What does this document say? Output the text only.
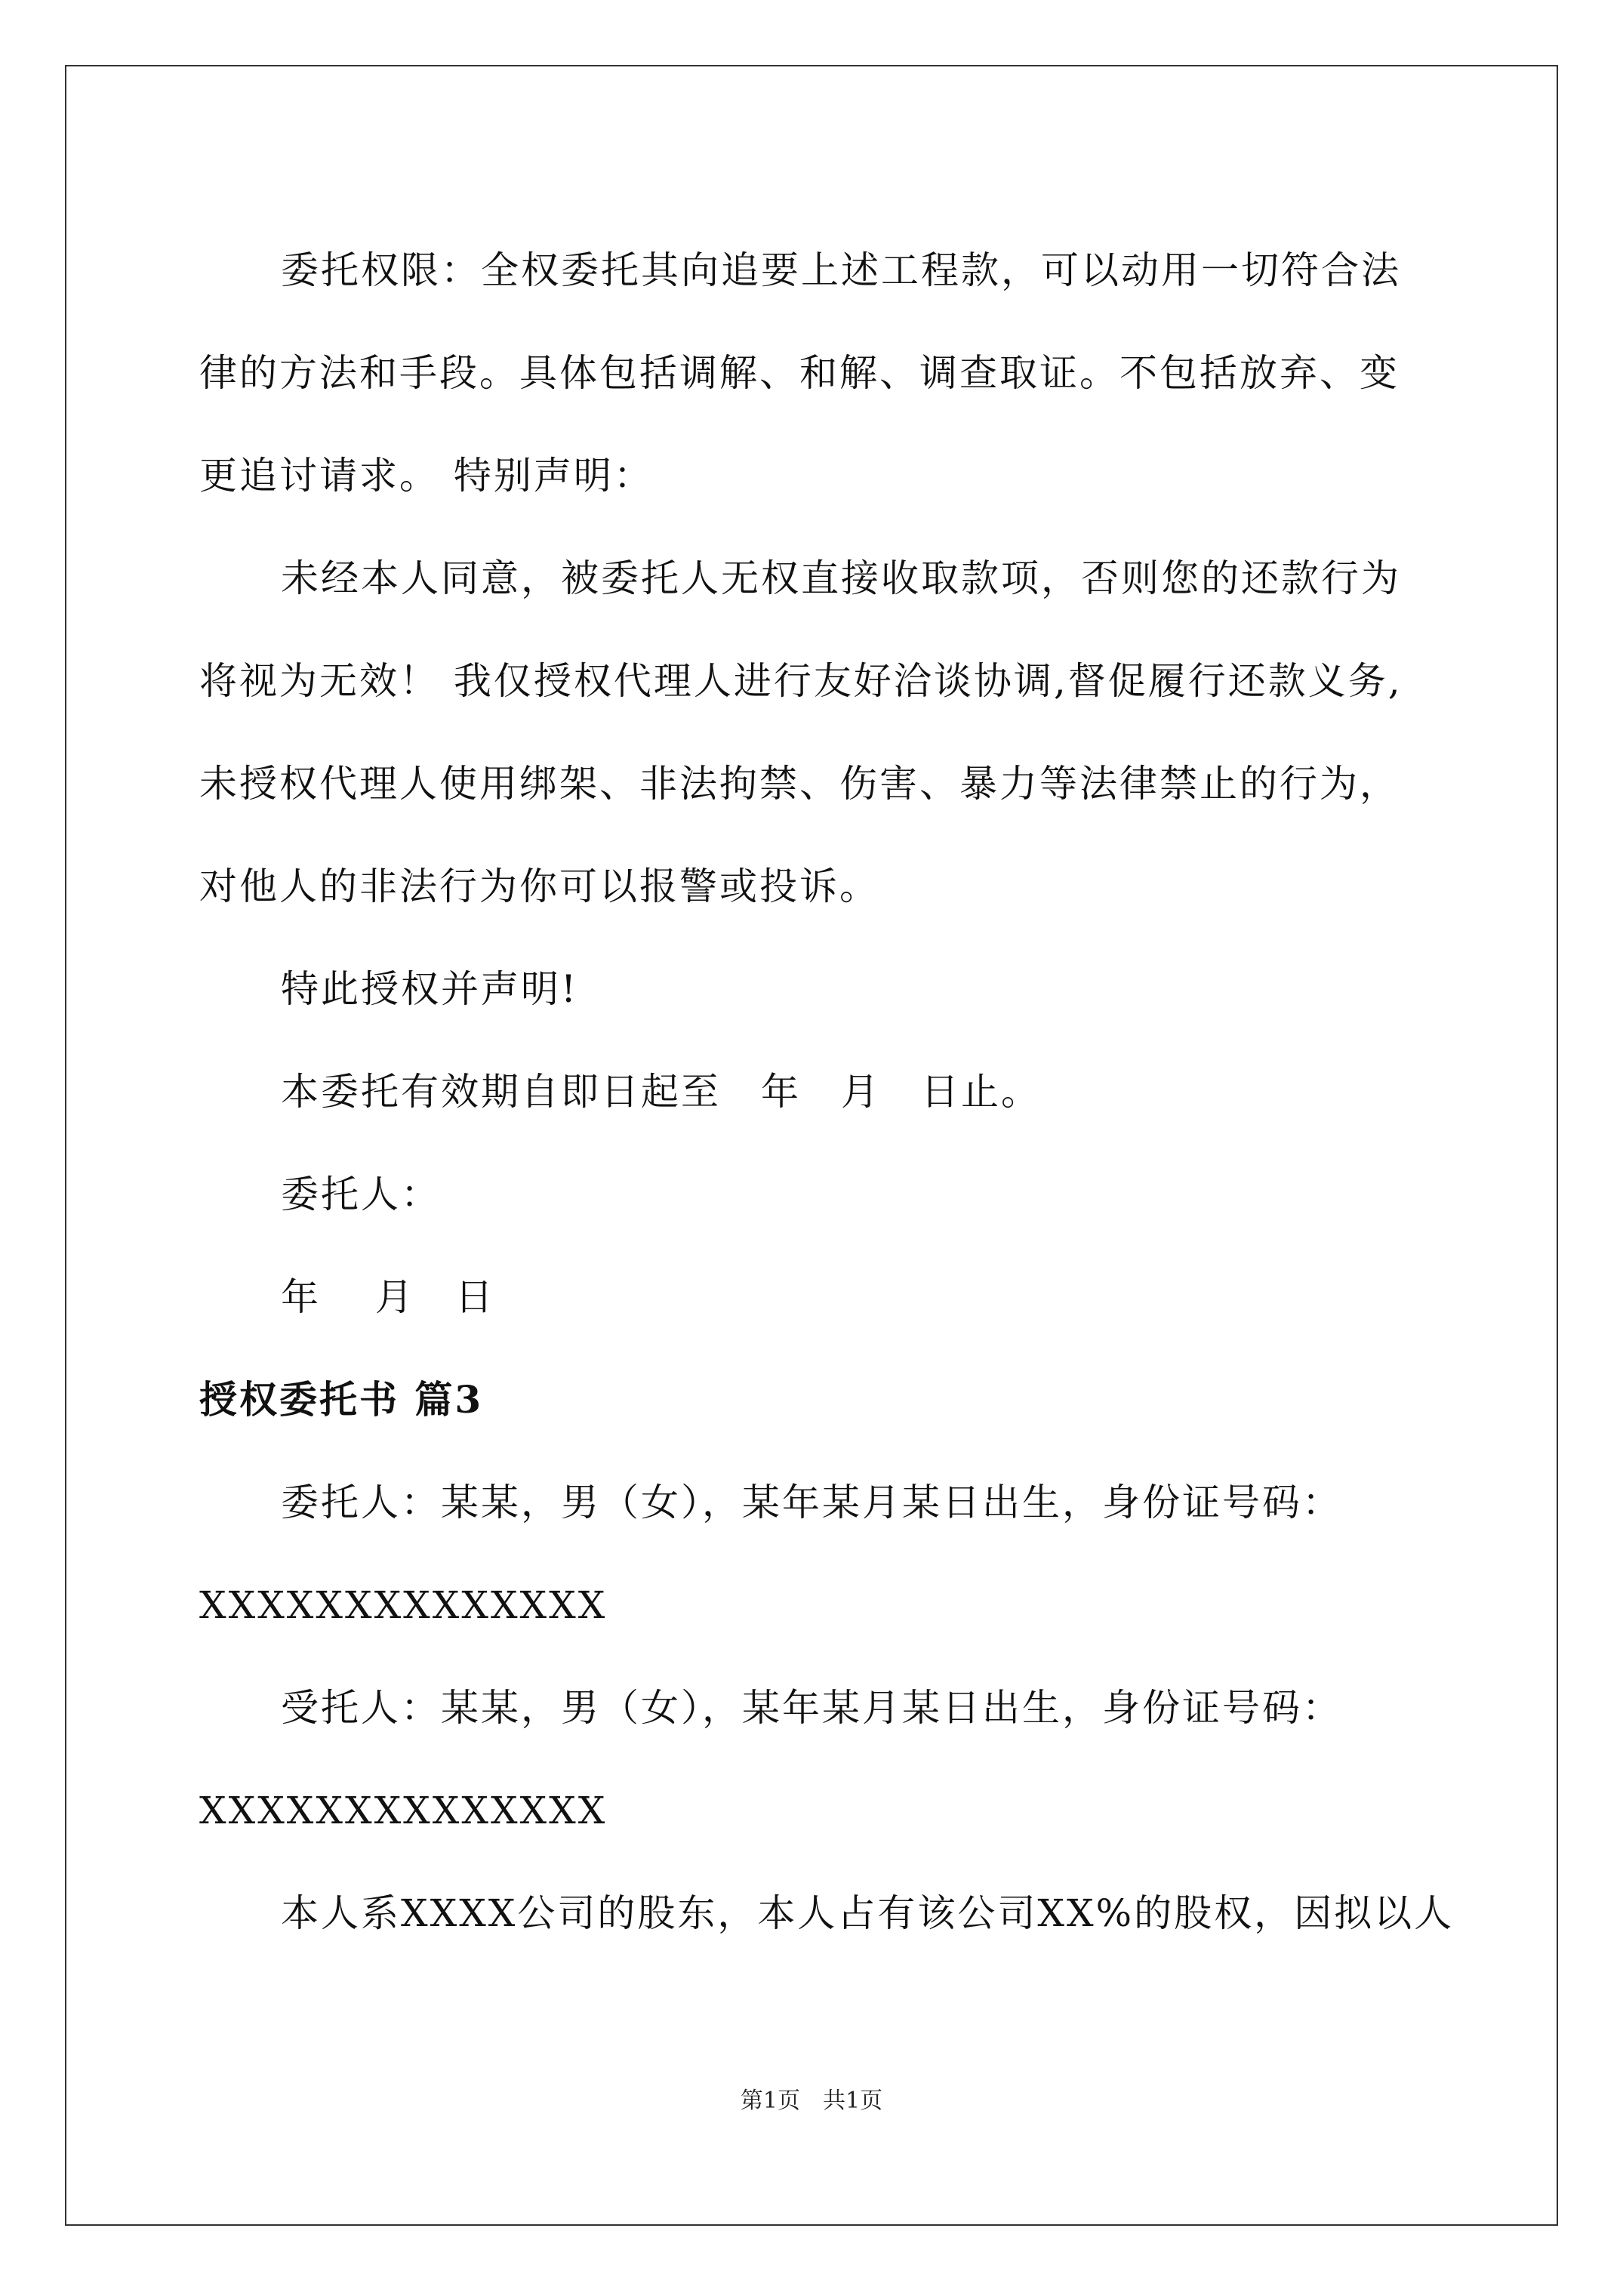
委托权限：全权委托其向追要上述工程款，可以动用一切符合法

律的方法和手段。具体包括调解、和解、调查取证。不包括放弃、变

更追讨请求。 特别声明：

未经本人同意，被委托人无权直接收取款项，否则您的还款行为

将视为无效！ 我仅授权代理人进行友好洽谈协调,督促履行还款义务,

未授权代理人使用绑架、非法拘禁、伤害、暴力等法律禁止的行为，

对他人的非法行为你可以报警或投诉。

特此授权并声明!

本委托有效期自即日起至　年　月　日止。

委托人：

年　 月　日

授权委托书 篇3

委托人：某某，男（女），某年某月某日出生，身份证号码：

XXXXXXXXXXXXXX

受托人：某某，男（女），某年某月某日出生，身份证号码：

XXXXXXXXXXXXXX

本人系XXXX公司的股东，本人占有该公司XX%的股权，因拟以人

第1页　共1页
